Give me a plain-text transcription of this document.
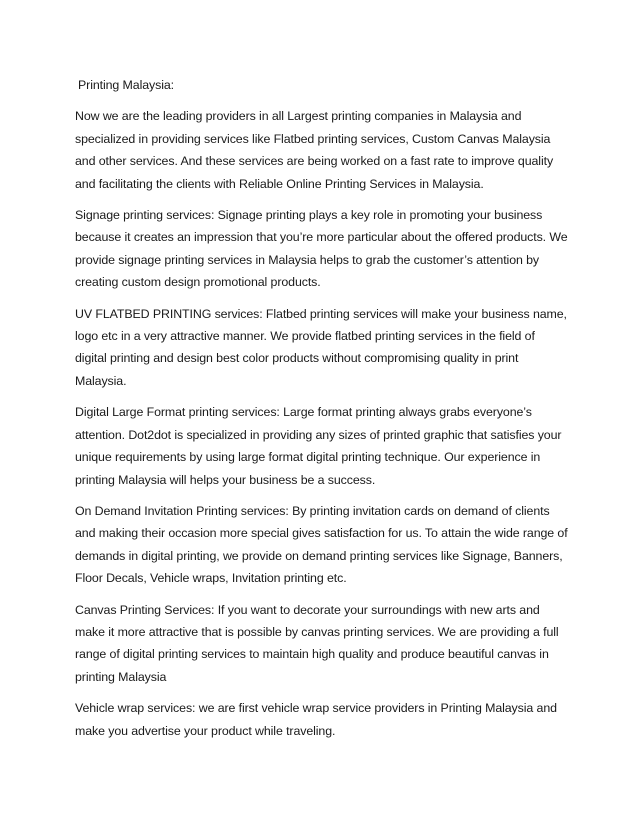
Printing Malaysia:

Now we are the leading providers in all Largest printing companies in Malaysia and specialized in providing services like Flatbed printing services, Custom Canvas Malaysia and other services. And these services are being worked on a fast rate to improve quality and facilitating the clients with Reliable Online Printing Services in Malaysia.

Signage printing services: Signage printing plays a key role in promoting your business because it creates an impression that you’re more particular about the offered products. We provide signage printing services in Malaysia helps to grab the customer’s attention by creating custom design promotional products.

UV FLATBED PRINTING services: Flatbed printing services will make your business name, logo etc in a very attractive manner. We provide flatbed printing services in the field of digital printing and design best color products without compromising quality in print Malaysia.

Digital Large Format printing services: Large format printing always grabs everyone’s attention. Dot2dot is specialized in providing any sizes of printed graphic that satisfies your unique requirements by using large format digital printing technique. Our experience in printing Malaysia will helps your business be a success.

On Demand Invitation Printing services: By printing invitation cards on demand of clients and making their occasion more special gives satisfaction for us. To attain the wide range of demands in digital printing, we provide on demand printing services like Signage, Banners, Floor Decals, Vehicle wraps, Invitation printing etc.

Canvas Printing Services: If you want to decorate your surroundings with new arts and make it more attractive that is possible by canvas printing services. We are providing a full range of digital printing services to maintain high quality and produce beautiful canvas in printing Malaysia

Vehicle wrap services: we are first vehicle wrap service providers in Printing Malaysia and make you advertise your product while traveling.
